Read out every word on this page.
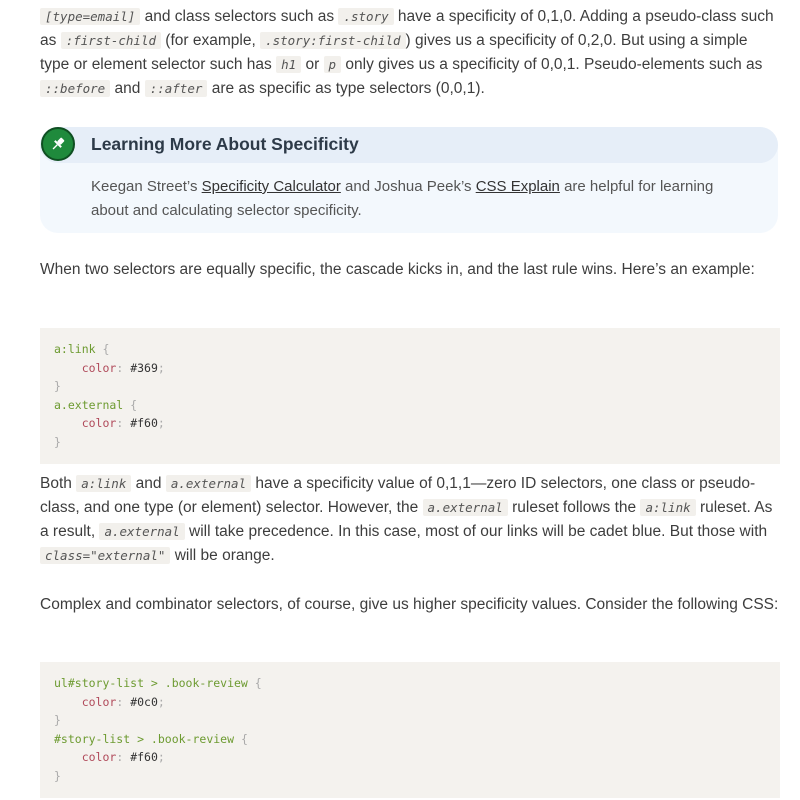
[type=email] and class selectors such as .story have a specificity of 0,1,0. Adding a pseudo-class such as :first-child (for example, .story:first-child ) gives us a specificity of 0,2,0. But using a simple type or element selector such has h1 or p only gives us a specificity of 0,0,1. Pseudo-elements such as ::before and ::after are as specific as type selectors (0,0,1).

Learning More About Specificity
Keegan Street’s Specificity Calculator and Joshua Peek’s CSS Explain are helpful for learning about and calculating selector specificity.

When two selectors are equally specific, the cascade kicks in, and the last rule wins. Here’s an example:

a:link {
color: #369;
}
a.external {
color: #f60;
}

Both a:link and a.external have a specificity value of 0,1,1—zero ID selectors, one class or pseudo-class, and one type (or element) selector. However, the a.external ruleset follows the a:link ruleset. As a result, a.external will take precedence. In this case, most of our links will be cadet blue. But those with class="external" will be orange.

Complex and combinator selectors, of course, give us higher specificity values. Consider the following CSS:

ul#story-list > .book-review {
color: #0c0;
}
#story-list > .book-review {
color: #f60;
}
